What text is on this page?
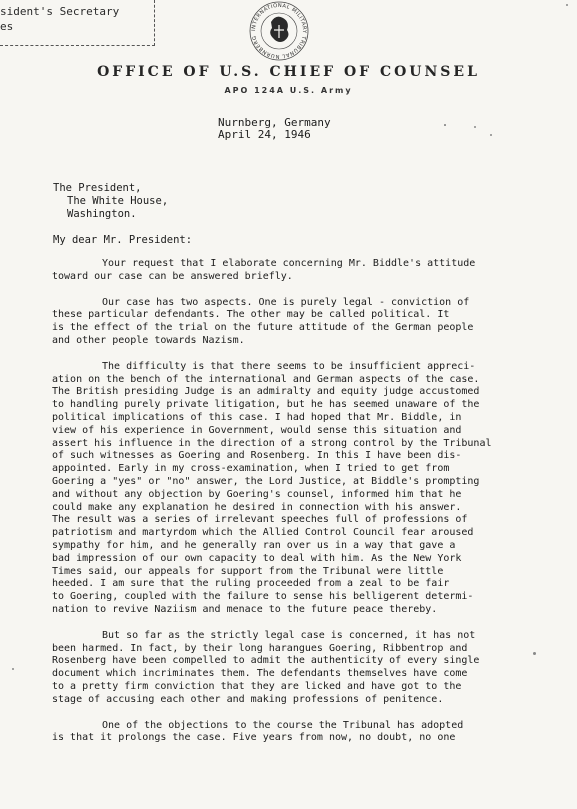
sident's Secretary
es	INTERNATIONAL MILITARY TRIBUNAL NURNBERG
OFFICE OF U.S. CHIEF OF COUNSEL
APO 124A U.S. Army
Nurnberg, Germany
April 24, 1946
The President,
The White House,
Washington.
My dear Mr. President:
Your request that I elaborate concerning Mr. Biddle's attitude
toward our case can be answered briefly.
Our case has two aspects. One is purely legal - conviction of
these particular defendants. The other may be called political. It
is the effect of the trial on the future attitude of the German people
and other people towards Nazism.
The difficulty is that there seems to be insufficient appreci-
ation on the bench of the international and German aspects of the case.
The British presiding Judge is an admiralty and equity judge accustomed
to handling purely private litigation, but he has seemed unaware of the
political implications of this case. I had hoped that Mr. Biddle, in
view of his experience in Government, would sense this situation and
assert his influence in the direction of a strong control by the Tribunal
of such witnesses as Goering and Rosenberg. In this I have been dis-
appointed. Early in my cross-examination, when I tried to get from
Goering a "yes" or "no" answer, the Lord Justice, at Biddle's prompting
and without any objection by Goering's counsel, informed him that he
could make any explanation he desired in connection with his answer.
The result was a series of irrelevant speeches full of professions of
patriotism and martyrdom which the Allied Control Council fear aroused
sympathy for him, and he generally ran over us in a way that gave a
bad impression of our own capacity to deal with him. As the New York
Times said, our appeals for support from the Tribunal were little
heeded. I am sure that the ruling proceeded from a zeal to be fair
to Goering, coupled with the failure to sense his belligerent determi-
nation to revive Naziism and menace to the future peace thereby.
But so far as the strictly legal case is concerned, it has not
been harmed. In fact, by their long harangues Goering, Ribbentrop and
Rosenberg have been compelled to admit the authenticity of every single
document which incriminates them. The defendants themselves have come
to a pretty firm conviction that they are licked and have got to the
stage of accusing each other and making professions of penitence.
One of the objections to the course the Tribunal has adopted
is that it prolongs the case. Five years from now, no doubt, no one
